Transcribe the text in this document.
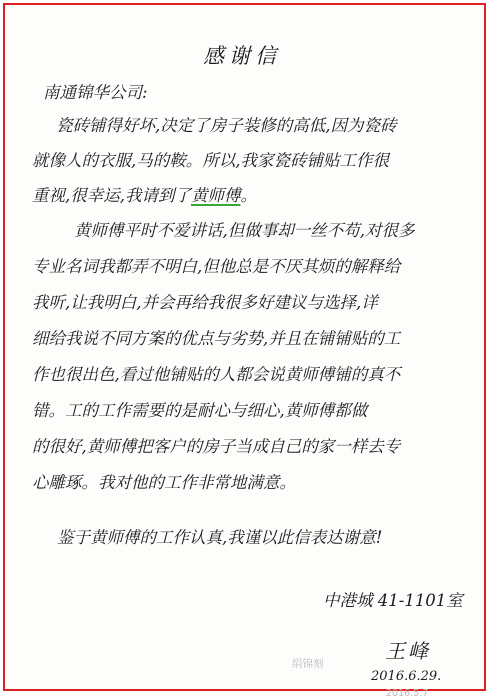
感谢信
南通锦华公司:
瓷砖铺得好坏,决定了房子装修的高低,因为瓷砖
就像人的衣服,马的鞍。所以,我家瓷砖铺贴工作很
重视,很幸运,我请到了黄师傅。
黄师傅平时不爱讲话,但做事却一丝不苟,对很多
专业名词我都弄不明白,但他总是不厌其烦的解释给
我听,让我明白,并会再给我很多好建议与选择,详
细给我说不同方案的优点与劣势,并且在铺铺贴的工
作也很出色,看过他铺贴的人都会说黄师傅铺的真不
错。工的工作需要的是耐心与细心,黄师傅都做
的很好,黄师傅把客户的房子当成自己的家一样去专
心雕琢。我对他的工作非常地满意。
鉴于黄师傅的工作认真,我谨以此信表达谢意!
中港城 41-1101室
王峰
2016.6.29.
绢锦刻
2016.5.7
